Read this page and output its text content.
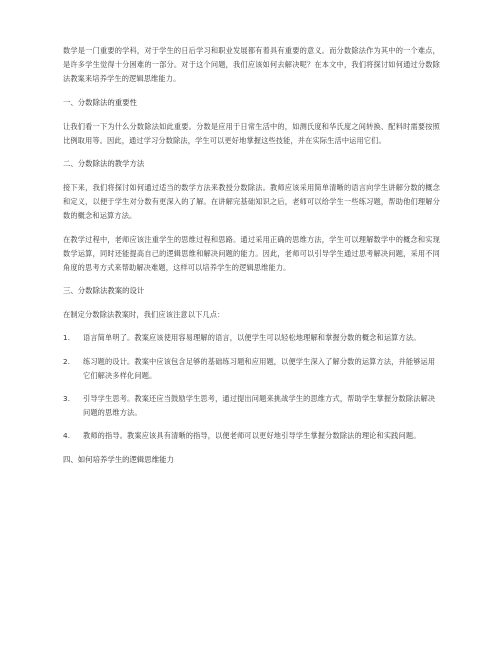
数学是一门重要的学科，对于学生的日后学习和职业发展都有着具有重要的意义。而分数除法作为其中的一个难点，是许多学生觉得十分困难的一部分。对于这个问题，我们应该如何去解决呢？在本文中，我们将探讨如何通过分数除法教案来培养学生的逻辑思维能力。

一、分数除法的重要性

让我们看一下为什么分数除法如此重要。分数是应用于日常生活中的，如测氏度和华氏度之间转换、配料时需要按照比例取用等。因此，通过学习分数除法，学生可以更好地掌握这些技能，并在实际生活中运用它们。

二、分数除法的教学方法

接下来，我们将探讨如何通过适当的数学方法来教授分数除法。教师应该采用简单清晰的语言向学生讲解分数的概念和定义，以便于学生对分数有更深入的了解。在讲解完基础知识之后，老师可以给学生一些练习题，帮助他们理解分数的概念和运算方法。

在教学过程中，老师应该注重学生的思维过程和思路。通过采用正确的思维方法，学生可以理解数学中的概念和实现数学运算，同时还能提高自己的逻辑思维和解决问题的能力。因此，老师可以引导学生通过思考解决问题，采用不同角度的思考方式来帮助解决难题，这样可以培养学生的逻辑思维能力。

三、分数除法教案的设计

在制定分数除法教案时，我们应该注意以下几点：

1. 语言简单明了。教案应该使用容易理解的语言，以便学生可以轻松地理解和掌握分数的概念和运算方法。
2. 练习题的设计。教案中应该包含足够的基础练习题和应用题，以便学生深入了解分数的运算方法，并能够运用它们解决多样化问题。
3. 引导学生思考。教案还应当鼓励学生思考，通过提出问题来挑战学生的思维方式，帮助学生掌握分数除法解决问题的思维方法。
4. 教师的指导。教案应该具有清晰的指导，以便老师可以更好地引导学生掌握分数除法的理论和实践问题。
四、如何培养学生的逻辑思维能力
